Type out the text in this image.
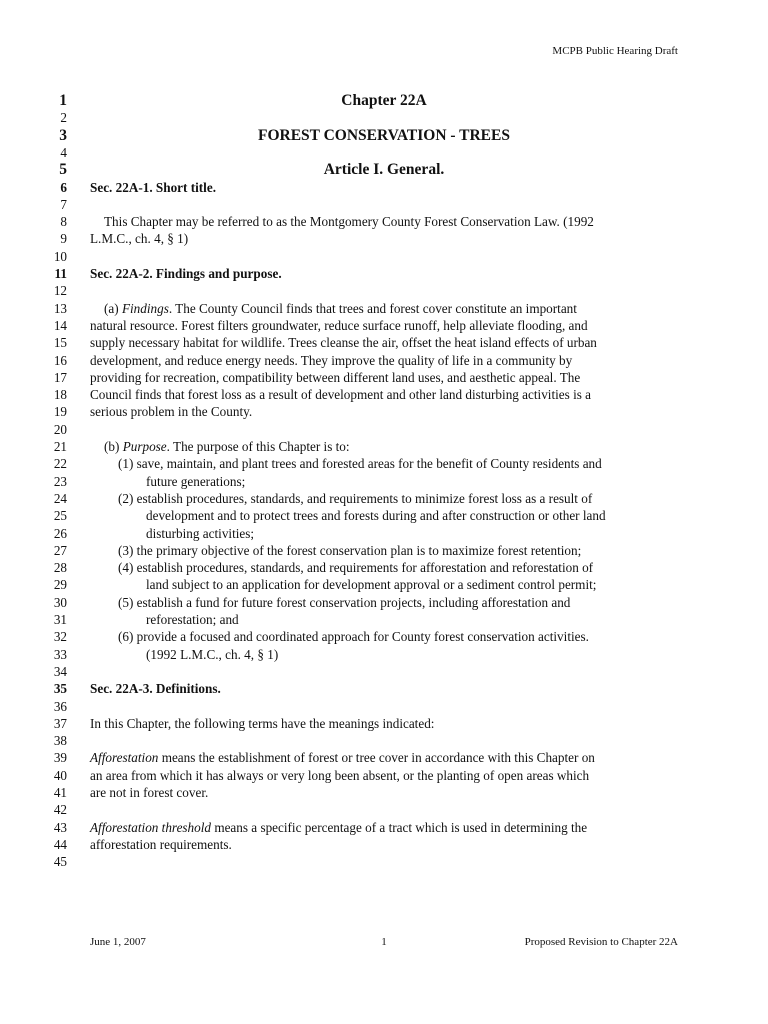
MCPB Public Hearing Draft
1	Chapter 22A
2
3	FOREST CONSERVATION - TREES
4
5	Article I. General.
6 Sec. 22A-1. Short title.
7
8	This Chapter may be referred to as the Montgomery County Forest Conservation Law. (1992
9 L.M.C., ch. 4, § 1)
10
11 Sec. 22A-2. Findings and purpose.
12
13	(a) Findings. The County Council finds that trees and forest cover constitute an important
14 natural resource. Forest filters groundwater, reduce surface runoff, help alleviate flooding, and
15 supply necessary habitat for wildlife. Trees cleanse the air, offset the heat island effects of urban
16 development, and reduce energy needs. They improve the quality of life in a community by
17 providing for recreation, compatibility between different land uses, and aesthetic appeal. The
18 Council finds that forest loss as a result of development and other land disturbing activities is a
19 serious problem in the County.
20
21	(b) Purpose. The purpose of this Chapter is to:
22	(1) save, maintain, and plant trees and forested areas for the benefit of County residents and
23	future generations;
24	(2) establish procedures, standards, and requirements to minimize forest loss as a result of
25	development and to protect trees and forests during and after construction or other land
26	disturbing activities;
27	(3) the primary objective of the forest conservation plan is to maximize forest retention;
28	(4) establish procedures, standards, and requirements for afforestation and reforestation of
29	land subject to an application for development approval or a sediment control permit;
30	(5) establish a fund for future forest conservation projects, including afforestation and
31	reforestation; and
32	(6) provide a focused and coordinated approach for County forest conservation activities.
33	(1992 L.M.C., ch. 4, § 1)
34
35 Sec. 22A-3. Definitions.
36
37 In this Chapter, the following terms have the meanings indicated:
38
39 Afforestation means the establishment of forest or tree cover in accordance with this Chapter on
40 an area from which it has always or very long been absent, or the planting of open areas which
41 are not in forest cover.
42
43 Afforestation threshold means a specific percentage of a tract which is used in determining the
44 afforestation requirements.
45
June 1, 2007	1	Proposed Revision to Chapter 22A
